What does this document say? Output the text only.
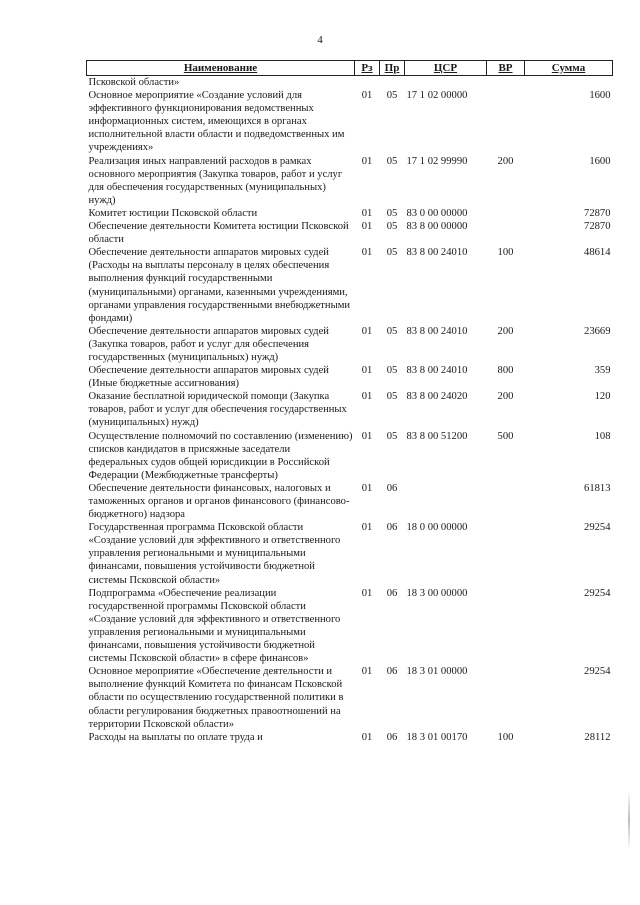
4
Наименование	Рз	Пр	ЦСР	ВР	Сумма
Псковской области»					
Основное мероприятие «Создание условий для эффективного функционирования ведомственных информационных систем, имеющихся в органах исполнительной власти области и подведомственных им учреждениях»	01	05	17 1 02 00000		1600
Реализация иных направлений расходов в рамках основного мероприятия (Закупка товаров, работ и услуг для обеспечения государственных (муниципальных) нужд)	01	05	17 1 02 99990	200	1600
Комитет юстиции Псковской области	01	05	83 0 00 00000		72870
Обеспечение деятельности Комитета юстиции Псковской области	01	05	83 8 00 00000		72870
Обеспечение деятельности аппаратов мировых судей (Расходы на выплаты персоналу в целях обеспечения выполнения функций государственными (муниципальными) органами, казенными учреждениями, органами управления государственными внебюджетными фондами)	01	05	83 8 00 24010	100	48614
Обеспечение деятельности аппаратов мировых судей (Закупка товаров, работ и услуг для обеспечения государственных (муниципальных) нужд)	01	05	83 8 00 24010	200	23669
Обеспечение деятельности аппаратов мировых судей (Иные бюджетные ассигнования)	01	05	83 8 00 24010	800	359
Оказание бесплатной юридической помощи (Закупка товаров, работ и услуг для обеспечения государственных (муниципальных) нужд)	01	05	83 8 00 24020	200	120
Осуществление полномочий по составлению (изменению) списков кандидатов в присяжные заседатели федеральных судов общей юрисдикции в Российской Федерации (Межбюджетные трансферты)	01	05	83 8 00 51200	500	108
Обеспечение деятельности финансовых, налоговых и таможенных органов и органов финансового (финансово-бюджетного) надзора	01	06			61813
Государственная программа Псковской области «Создание условий для эффективного и ответственного управления региональными и муниципальными финансами, повышения устойчивости бюджетной системы Псковской области»	01	06	18 0 00 00000		29254
Подпрограмма «Обеспечение реализации государственной программы Псковской области «Создание условий для эффективного и ответственного управления региональными и муниципальными финансами, повышения устойчивости бюджетной системы Псковской области» в сфере финансов»	01	06	18 3 00 00000		29254
Основное мероприятие «Обеспечение деятельности и выполнение функций Комитета по финансам Псковской области по осуществлению государственной политики в области регулирования бюджетных правоотношений на территории Псковской области»	01	06	18 3 01 00000		29254
Расходы на выплаты по оплате труда и	01	06	18 3 01 00170	100	28112
